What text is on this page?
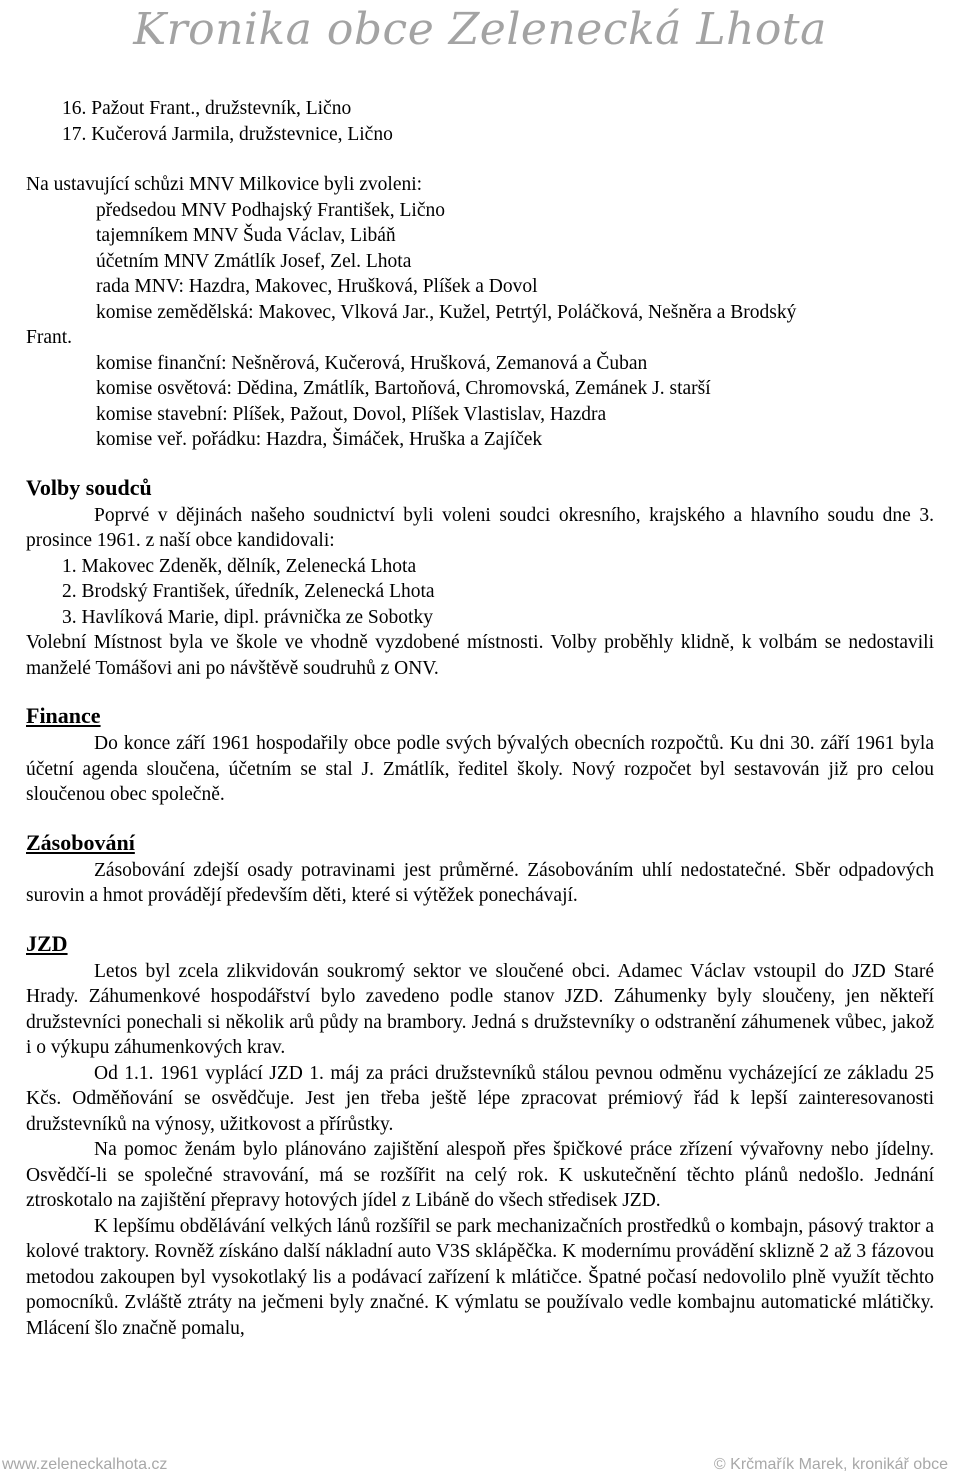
Kronika obce Zelenecká Lhota
16. Pažout Frant., družstevník, Lično
17. Kučerová Jarmila, družstevnice, Lično
Na ustavující schůzi MNV Milkovice byli zvoleni:
předsedou MNV Podhajský František, Lično
tajemníkem MNV Šuda Václav, Libáň
účetním MNV Zmátlík Josef, Zel. Lhota
rada MNV: Hazdra, Makovec, Hrušková, Plíšek a Dovol
komise zemědělská: Makovec, Vlková Jar., Kužel, Petrtýl, Poláčková, Nešněra a Brodský
Frant.
komise finanční: Nešněrová, Kučerová, Hrušková, Zemanová a Čuban
komise osvětová: Dědina, Zmátlík, Bartoňová, Chromovská, Zemánek J. starší
komise stavební: Plíšek, Pažout, Dovol, Plíšek Vlastislav, Hazdra
komise veř. pořádku: Hazdra, Šimáček, Hruška a Zajíček
Volby soudců
Poprvé v dějinách našeho soudnictví byli voleni soudci okresního, krajského a hlavního soudu dne 3. prosince 1961. z naší obce kandidovali:
1. Makovec Zdeněk, dělník, Zelenecká Lhota
2. Brodský František, úředník, Zelenecká Lhota
3. Havlíková Marie, dipl. právnička ze Sobotky
Volební Místnost byla ve škole ve vhodně vyzdobené místnosti. Volby proběhly klidně, k volbám se nedostavili manželé Tomášovi ani po návštěvě soudruhů z ONV.
Finance
Do konce září 1961 hospodařily obce podle svých bývalých obecních rozpočtů. Ku dni 30. září 1961 byla účetní agenda sloučena, účetním se stal J. Zmátlík, ředitel školy. Nový rozpočet byl sestavován již pro celou sloučenou obec společně.
Zásobování
Zásobování zdejší osady potravinami jest průměrné. Zásobováním uhlí nedostatečné. Sběr odpadových surovin a hmot provádějí především děti, které si výtěžek ponechávají.
JZD
Letos byl zcela zlikvidován soukromý sektor ve sloučené obci. Adamec Václav vstoupil do JZD Staré Hrady. Záhumenkové hospodářství bylo zavedeno podle stanov JZD. Záhumenky byly sloučeny, jen někteří družstevníci ponechali si několik arů půdy na brambory. Jedná s družstevníky o odstranění záhumenek vůbec, jakož i o výkupu záhumenkových krav.
Od 1.1. 1961 vyplácí JZD 1. máj za práci družstevníků stálou pevnou odměnu vycházející ze základu 25 Kčs. Odměňování se osvědčuje. Jest jen třeba ještě lépe zpracovat prémiový řád k lepší zainteresovanosti družstevníků na výnosy, užitkovost a přírůstky.
Na pomoc ženám bylo plánováno zajištění alespoň přes špičkové práce zřízení vývařovny nebo jídelny. Osvědčí-li se společné stravování, má se rozšířit na celý rok. K uskutečnění těchto plánů nedošlo. Jednání ztroskotalo na zajištění přepravy hotových jídel z Libáně do všech středisek JZD.
K lepšímu obdělávání velkých lánů rozšířil se park mechanizačních prostředků o kombajn, pásový traktor a kolové traktory. Rovněž získáno další nákladní auto V3S sklápěčka. K modernímu provádění sklizně 2 až 3 fázovou metodou zakoupen byl vysokotlaký lis a podávací zařízení k mlátičce. Špatné počasí nedovolilo plně využít těchto pomocníků. Zvláště ztráty na ječmeni byly značné. K výmlatu se používalo vedle kombajnu automatické mlátičky. Mlácení šlo značně pomalu,
www.zeleneckalhota.cz	© Krčmařík Marek, kronikář obce
